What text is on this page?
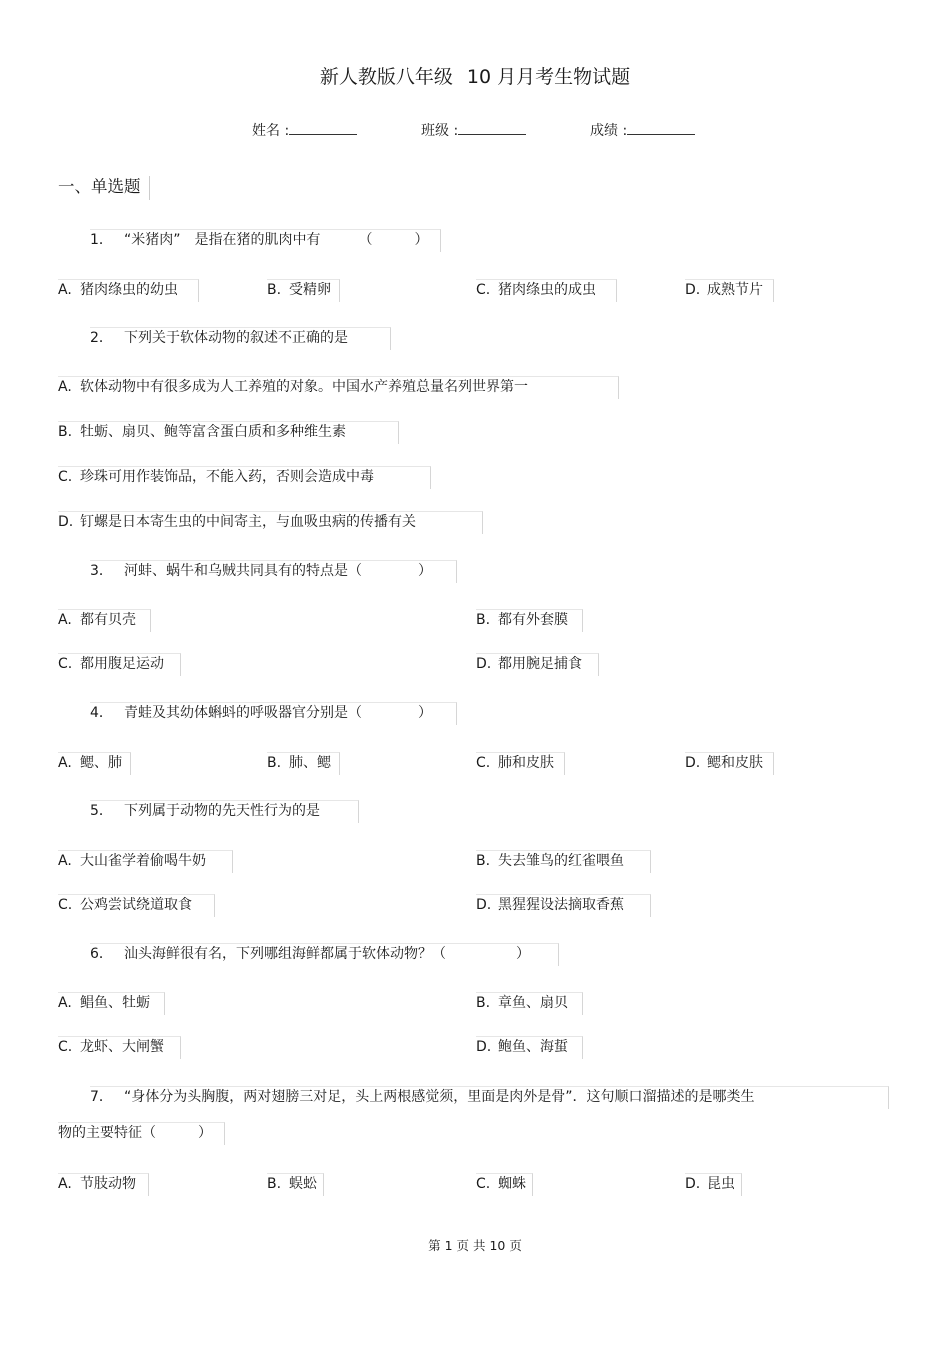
新人教版八年级 10 月月考生物试题
姓名 :	班级 :	成绩 :
一、单选题
1． “米猪肉”　是指在猪的肌肉中有	（　　　）
A. 猪肉绦虫的幼虫	B. 受精卵	C. 猪肉绦虫的成虫	D. 成熟节片
2． 下列关于软体动物的叙述不正确的是
A. 软体动物中有很多成为人工养殖的对象。中国水产养殖总量名列世界第一
B. 牡蛎、扇贝、鲍等富含蛋白质和多种维生素
C. 珍珠可用作装饰品，不能入药，否则会造成中毒
D. 钉螺是日本寄生虫的中间寄主，与血吸虫病的传播有关
3． 河蚌、蜗牛和乌贼共同具有的特点是（　　　　）
A. 都有贝壳	B. 都有外套膜
C. 都用腹足运动	D. 都用腕足捕食
4． 青蛙及其幼体蝌蚪的呼吸器官分别是（　　　　）
A. 鳃、肺	B. 肺、鳃	C. 肺和皮肤	D. 鳃和皮肤
5． 下列属于动物的先天性行为的是
A. 大山雀学着偷喝牛奶	B. 失去雏鸟的红雀喂鱼
C. 公鸡尝试绕道取食	D. 黑猩猩设法摘取香蕉
6． 汕头海鲜很有名，下列哪组海鲜都属于软体动物？（　　　　　）
A. 鲳鱼、牡蛎	B. 章鱼、扇贝
C. 龙虾、大闸蟹	D. 鲍鱼、海蜇
7． “身体分为头胸腹，两对翅膀三对足，头上两根感觉须，里面是肉外是骨”．这句顺口溜描述的是哪类生
物的主要特征（　　　）
A. 节肢动物	B. 蜈蚣	C. 蜘蛛	D. 昆虫
第 1 页 共 10 页
